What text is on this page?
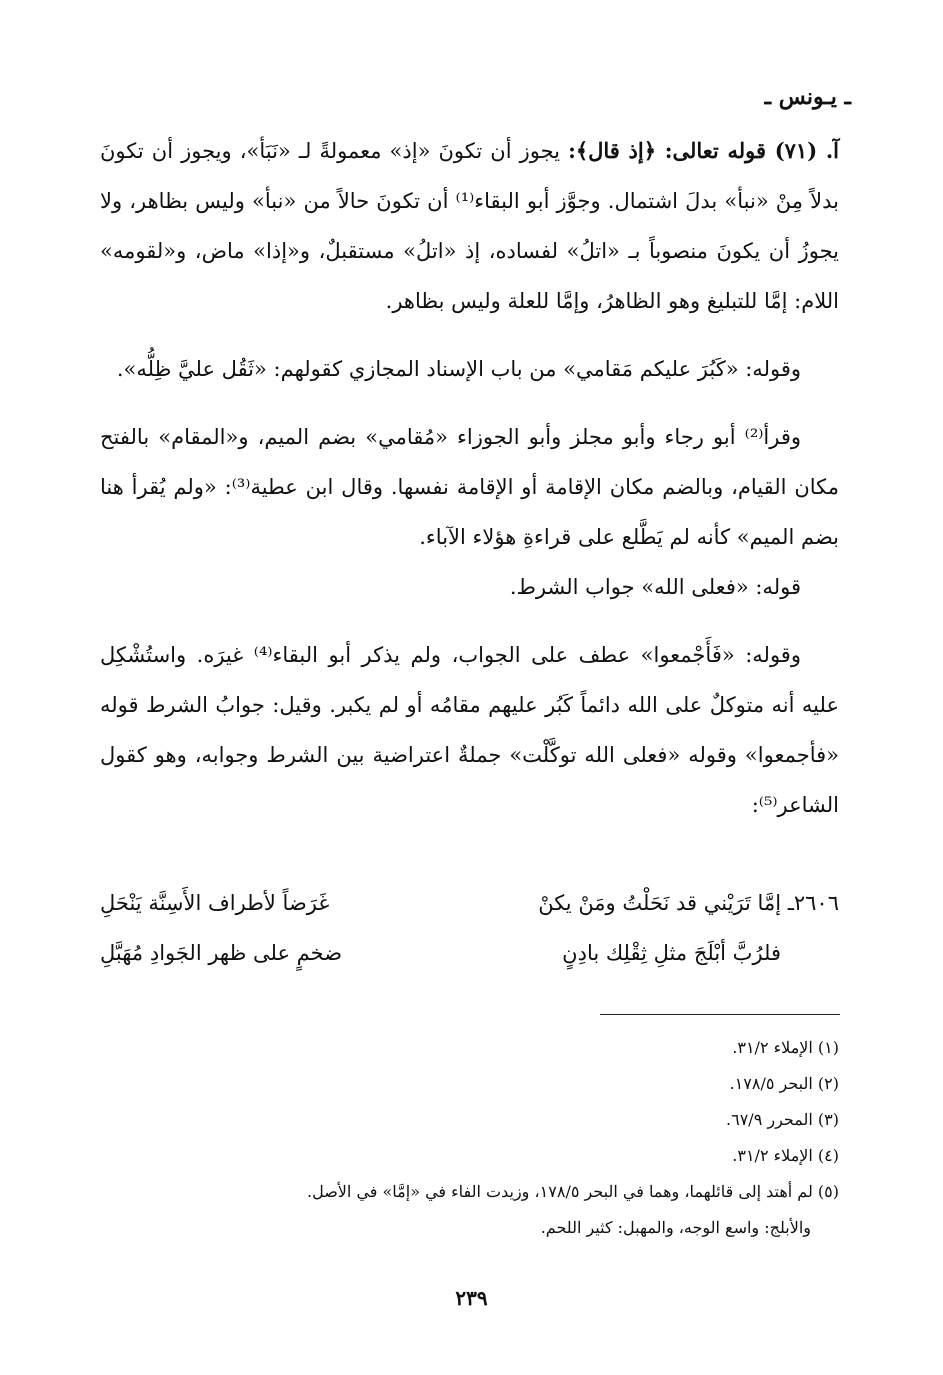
ـ يـونس ـ

آ. (٧١) قوله تعالى: ﴿إذ قال﴾: يجوز أن تكونَ «إذ» معمولةً لـ «نَبَأ»، ويجوز أن تكونَ بدلاً مِنْ «نبأ» بدلَ اشتمال. وجوَّز أبو البقاء⁽¹⁾ أن تكونَ حالاً من «نبأ» وليس بظاهر، ولا يجوزُ أن يكونَ منصوباً بـ «اتلُ» لفساده، إذ «اتلُ» مستقبلٌ، و«إذا» ماض، و«لقومه» اللام: إمَّا للتبليغ وهو الظاهرُ، وإمَّا للعلة وليس بظاهر.

وقوله: «كَبُرَ عليكم مَقامي» من باب الإسناد المجازي كقولهم: «ثَقُل عليَّ ظِلُّه».

وقرأ⁽²⁾ أبو رجاء وأبو مجلز وأبو الجوزاء «مُقامي» بضم الميم، و«المقام» بالفتح مكان القيام، وبالضم مكان الإقامة أو الإقامة نفسها. وقال ابن عطية⁽³⁾: «ولم يُقرأ هنا بضم الميم» كأنه لم يَطَّلع على قراءةِ هؤلاء الآباء.

قوله: «فعلى الله» جواب الشرط.

وقوله: «فَأَجْمعوا» عطف على الجواب، ولم يذكر أبو البقاء⁽⁴⁾ غيرَه. واستُشْكِل عليه أنه متوكلٌ على الله دائماً كَبُر عليهم مقامُه أو لم يكبر. وقيل: جوابُ الشرط قوله «فأجمعوا» وقوله «فعلى الله توكَّلْت» جملةٌ اعتراضية بين الشرط وجوابه، وهو كقول الشاعر⁽⁵⁾:

٢٦٠٦ـ إمَّا تَرَيْني قد نَحَلْتُ ومَنْ يكنْ
غَرَضاً لأطراف الأَسِنَّة يَنْحَلِ
فلرُبَّ أبْلَجَ مثلِ ثِقْلِك بادِنٍ
ضخمٍ على ظهر الجَوادِ مُهَبَّلِ

(١) الإملاء ٣١/٢.

(٢) البحر ١٧٨/٥.

(٣) المحرر ٦٧/٩.

(٤) الإملاء ٣١/٢.

(٥) لم أهتد إلى قائلهما، وهما في البحر ١٧٨/٥، وزيدت الفاء في «إمَّا» في الأصل.

والأبلج: واسع الوجه، والمهبل: كثير اللحم.

٢٣٩
